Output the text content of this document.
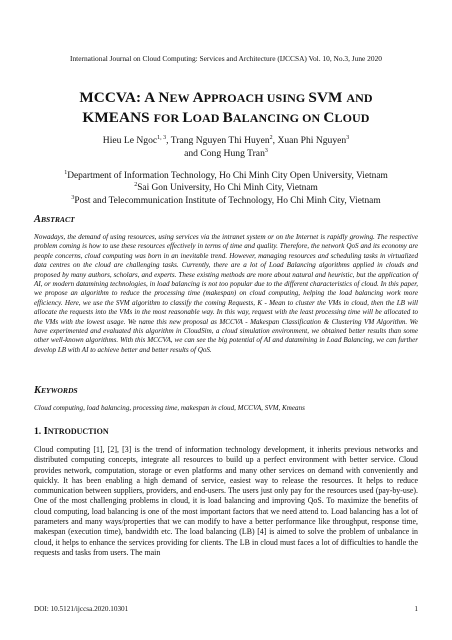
International Journal on Cloud Computing: Services and Architecture (IJCCSA) Vol. 10, No.3, June 2020
MCCVA: A NEW APPROACH USING SVM AND
KMEANS FOR LOAD BALANCING ON CLOUD
Hieu Le Ngoc$^{1, 3}$, Trang Nguyen Thi Huyen$^2$, Xuan Phi Nguyen$^3$
and Cong Hung Tran$^3$
$^1$Department of Information Technology, Ho Chi Minh City Open University, Vietnam
$^2$Sai Gon University, Ho Chi Minh City, Vietnam
$^3$Post and Telecommunication Institute of Technology, Ho Chi Minh City, Vietnam
ABSTRACT
Nowadays, the demand of using resources, using services via the intranet system or on the Internet is rapidly growing. The respective problem coming is how to use these resources effectively in terms of time and quality. Therefore, the network QoS and its economy are people concerns, cloud computing was born in an inevitable trend. However, managing resources and scheduling tasks in virtualized data centres on the cloud are challenging tasks. Currently, there are a lot of Load Balancing algorithms applied in clouds and proposed by many authors, scholars, and experts. These existing methods are more about natural and heuristic, but the application of AI, or modern datamining technologies, in load balancing is not too popular due to the different characteristics of cloud. In this paper, we propose an algorithm to reduce the processing time (makespan) on cloud computing, helping the load balancing work more efficiency. Here, we use the SVM algorithm to classify the coming Requests, K - Mean to cluster the VMs in cloud, then the LB will allocate the requests into the VMs in the most reasonable way. In this way, request with the least processing time will be allocated to the VMs with the lowest usage. We name this new proposal as MCCVA - Makespan Classification & Clustering VM Algorithm. We have experimented and evaluated this algorithm in CloudSim, a cloud simulation environment, we obtained better results than some other well-known algorithms. With this MCCVA, we can see the big potential of AI and datamining in Load Balancing, we can further develop LB with AI to achieve better and better results of QoS.
KEYWORDS
Cloud computing, load balancing, processing time, makespan in cloud, MCCVA, SVM, Kmeans
1. INTRODUCTION
Cloud computing [1], [2], [3] is the trend of information technology development, it inherits previous networks and distributed computing concepts, integrate all resources to build up a perfect environment with better service. Cloud provides network, computation, storage or even platforms and many other services on demand with conveniently and quickly. It has been enabling a high demand of service, easiest way to release the resources. It helps to reduce communication between suppliers, providers, and end-users. The users just only pay for the resources used (pay-by-use). One of the most challenging problems in cloud, it is load balancing and improving QoS. To maximize the benefits of cloud computing, load balancing is one of the most important factors that we need attend to. Load balancing has a lot of parameters and many ways/properties that we can modify to have a better performance like throughput, response time, makespan (execution time), bandwidth etc. The load balancing (LB) [4] is aimed to solve the problem of unbalance in cloud, it helps to enhance the services providing for clients. The LB in cloud must faces a lot of difficulties to handle the requests and tasks from users. The main
DOI: 10.5121/ijccsa.2020.10301	1
